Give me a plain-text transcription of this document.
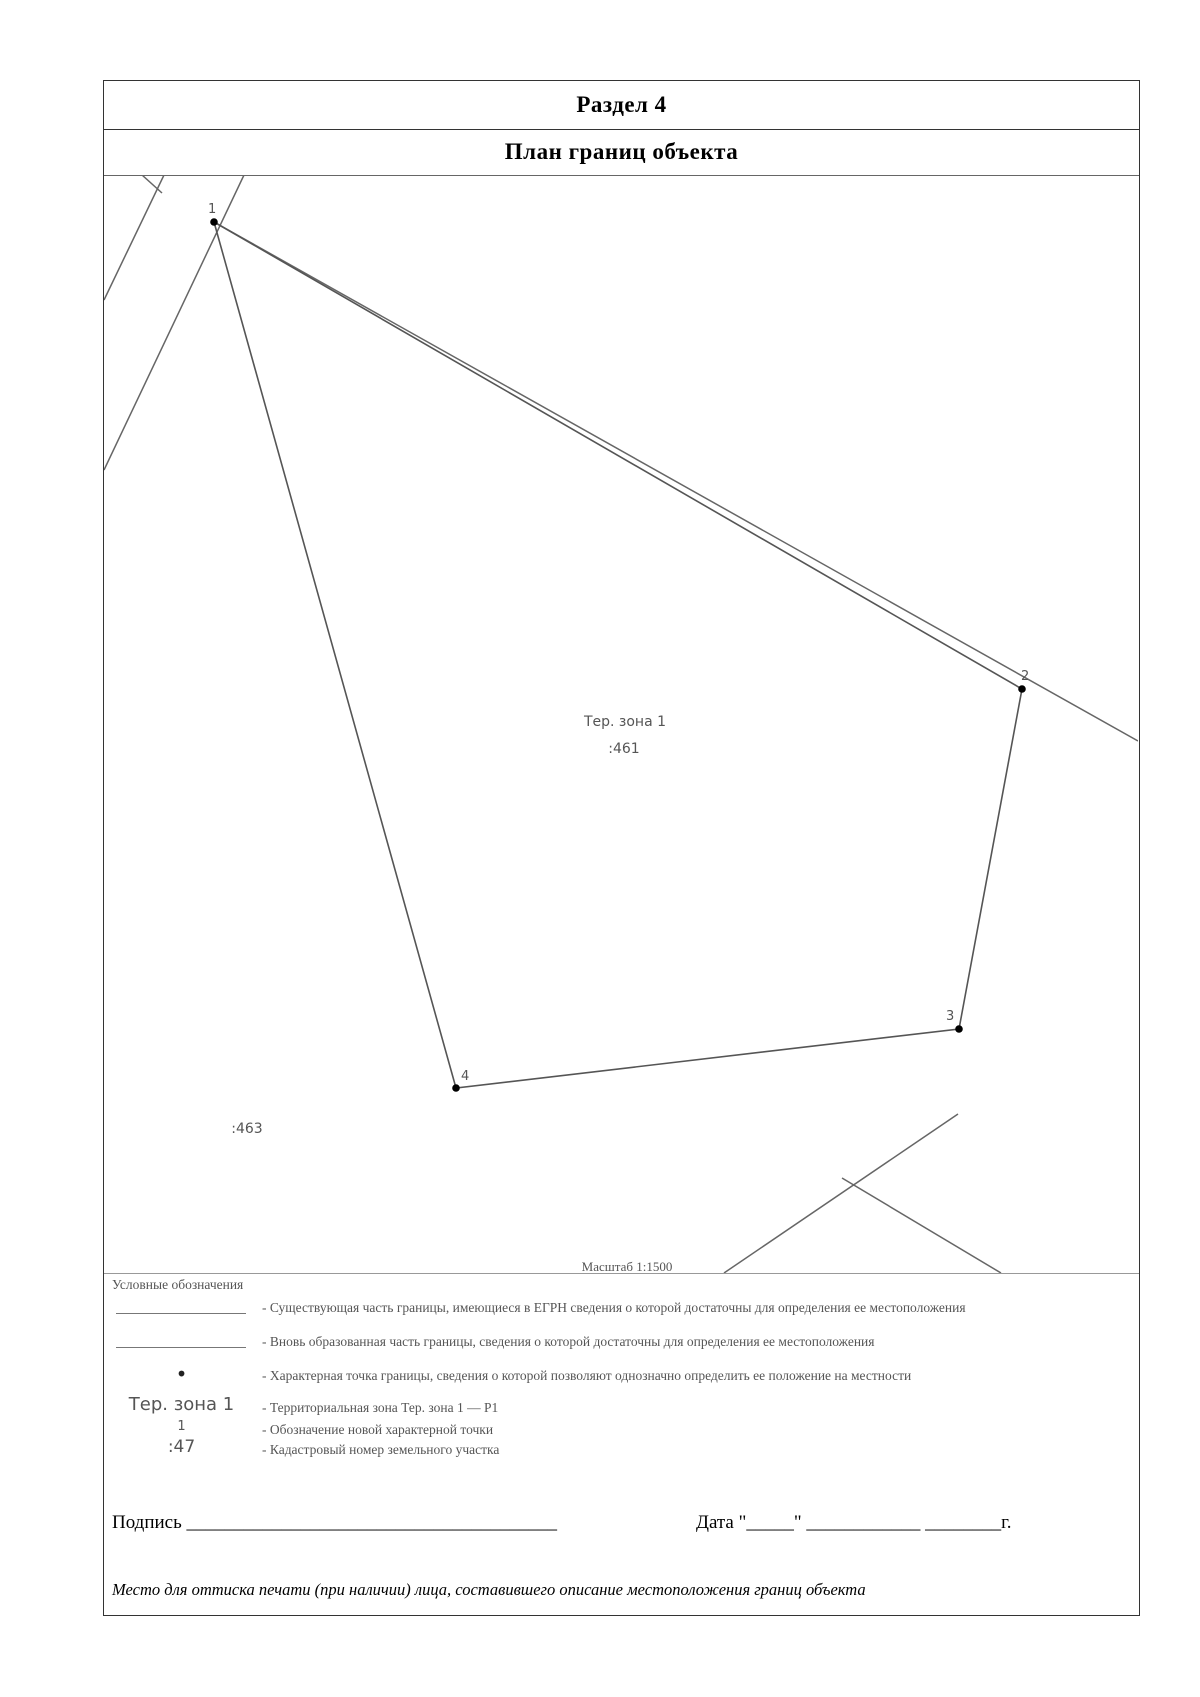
Раздел 4
План границ объекта
1
2
3
4
Тер. зона 1
:461
:463
Масштаб 1:1500
Условные обозначения
- Существующая часть границы, имеющиеся в ЕГРН сведения о которой достаточны для определения ее местоположения
- Вновь образованная часть границы, сведения о которой достаточны для определения ее местоположения
•	- Характерная точка границы, сведения о которой позволяют однозначно определить ее положение на местности
Тер. зона 1	- Территориальная зона Тер. зона 1 — Р1
1	- Обозначение новой характерной точки
:47	- Кадастровый номер земельного участка
Подпись _______________________________________	Дата "_____" ____________ ________г.
Место для оттиска печати (при наличии) лица, составившего описание местоположения границ объекта
